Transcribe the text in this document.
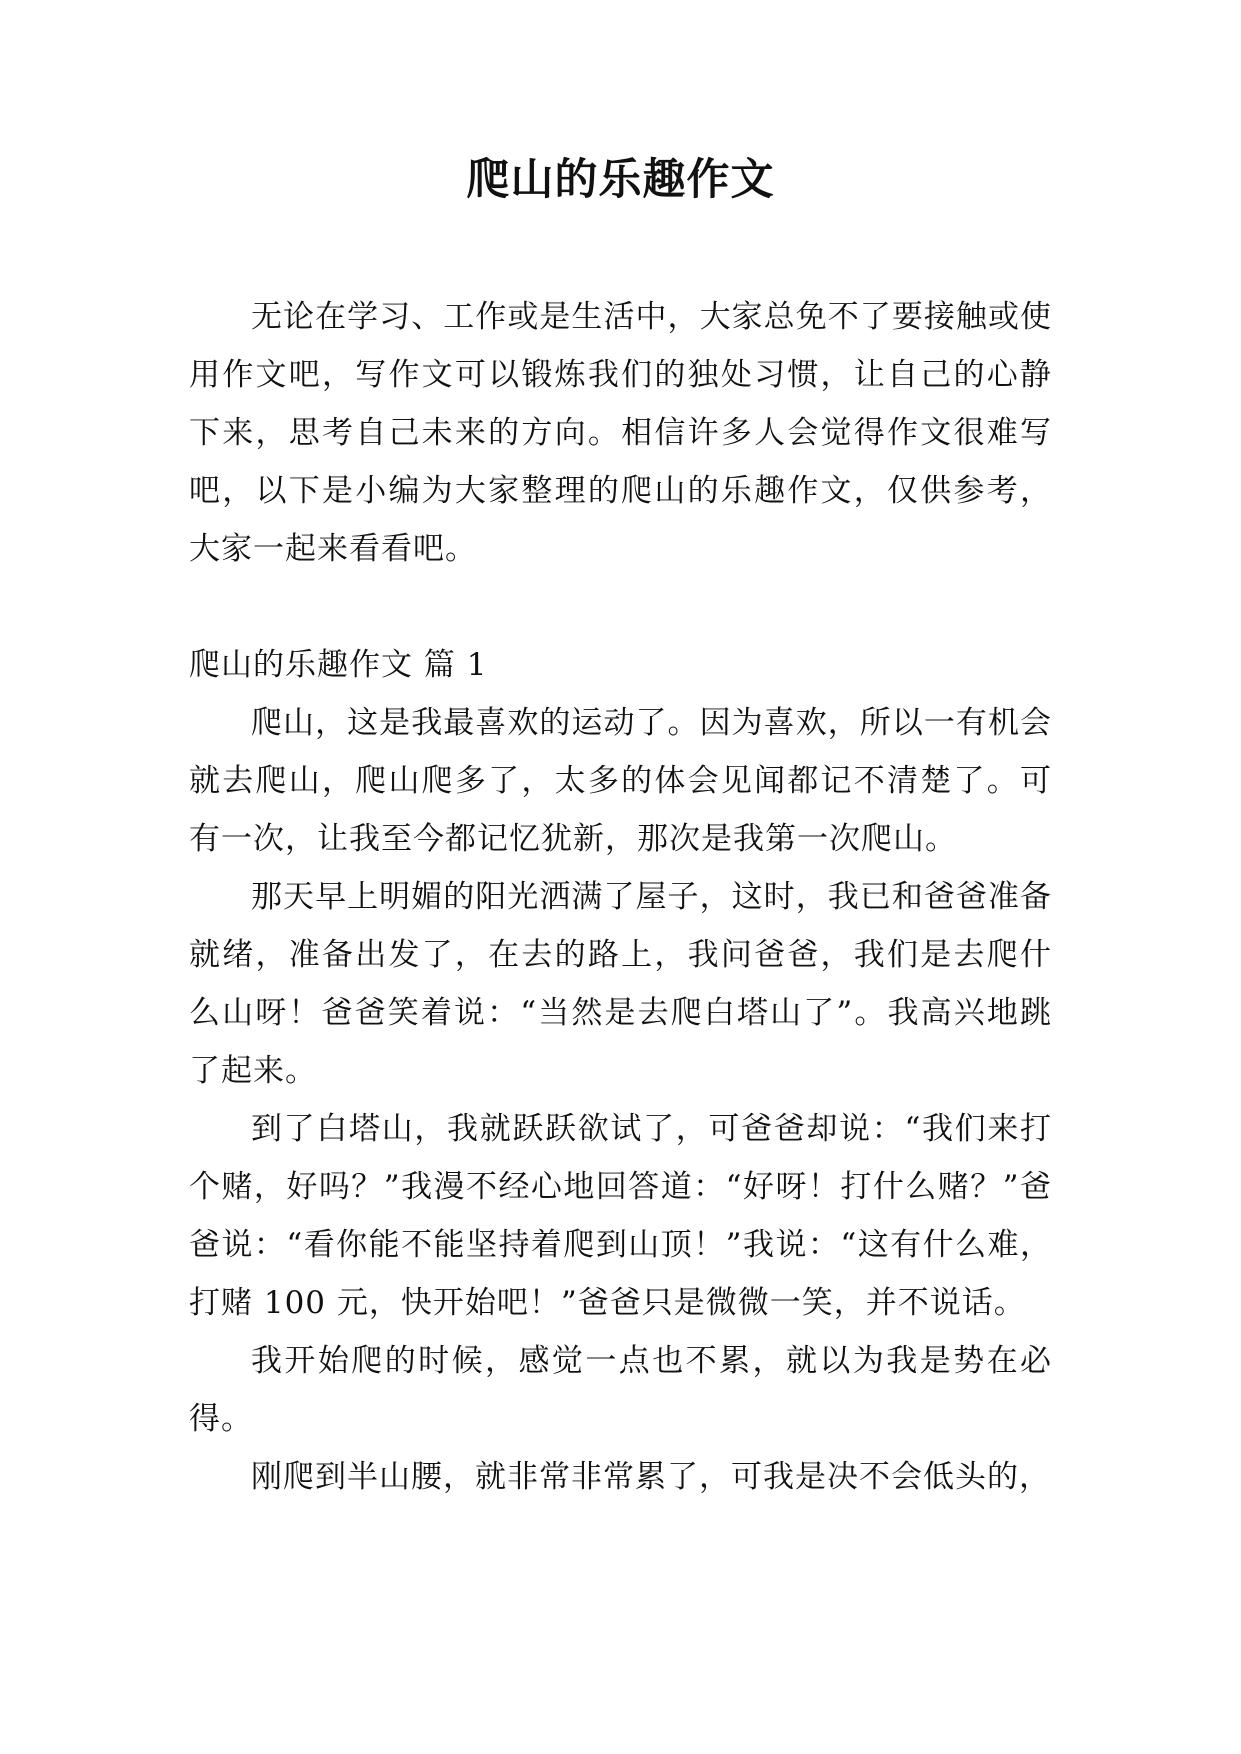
爬山的乐趣作文

无论在学习、工作或是生活中，大家总免不了要接触或使用作文吧，写作文可以锻炼我们的独处习惯，让自己的心静下来，思考自己未来的方向。相信许多人会觉得作文很难写吧，以下是小编为大家整理的爬山的乐趣作文，仅供参考，大家一起来看看吧。

爬山的乐趣作文 篇 1

爬山，这是我最喜欢的运动了。因为喜欢，所以一有机会就去爬山，爬山爬多了，太多的体会见闻都记不清楚了。可有一次，让我至今都记忆犹新，那次是我第一次爬山。

那天早上明媚的阳光洒满了屋子，这时，我已和爸爸准备就绪，准备出发了，在去的路上，我问爸爸，我们是去爬什么山呀！爸爸笑着说：“当然是去爬白塔山了”。我高兴地跳了起来。

到了白塔山，我就跃跃欲试了，可爸爸却说：“我们来打个赌，好吗？”我漫不经心地回答道：“好呀！打什么赌？”爸爸说：“看你能不能坚持着爬到山顶！”我说：“这有什么难，打赌 100 元，快开始吧！”爸爸只是微微一笑，并不说话。

我开始爬的时候，感觉一点也不累，就以为我是势在必得。

刚爬到半山腰，就非常非常累了，可我是决不会低头的，
